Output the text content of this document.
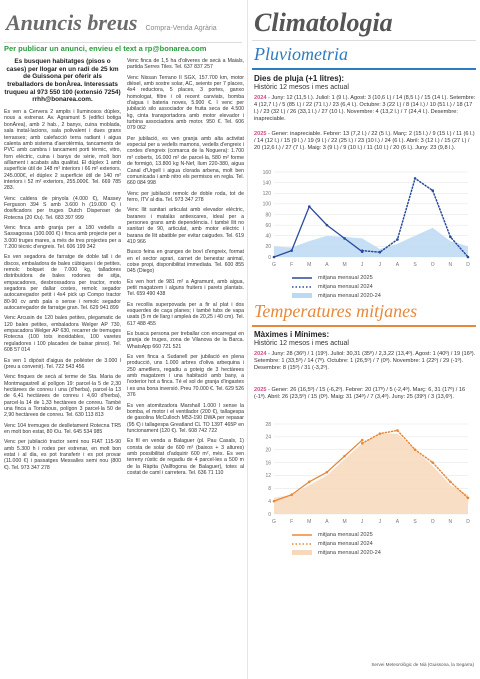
Anuncis breus Compra-Venda Agrària
Per publicar un anunci, envieu el text a rp@bonarea.com
Es busquen habitatges (pisos o cases) per llogar en un radi de 25 km de Guissona per oferir als treballadors de bonÀrea. Interessats truqueu al 973 550 100 (extensió 7254) rrhh@bonarea.com.
Es ven a Cervera 2 amplis i lluminosos dúplex, nous a estrenar. Av. Agramunt 5 (edifici botiga bonÀrea), amb 2 hab., 2 banys, cuina moblada, sala instal·lacions, sala polivalent i dues grans terrasses; amb calefacció terra radiant i aigua calenta amb sistema d'aerotèrmia, tancaments de PVC amb cambra i tancament porti tèrmic, vitro, forn elèctric, cuina i banys de sèrie, molt bon aïllament i acabats alta qualitat. El dúplex 1 amb superfície útil de 148 m² interiors i 66 m² exteriors, 245.000€, el dúplex 2 superfície útil de 140 m² interiors i 52 m² exteriors, 255.000€. Tel. 669 785 283.
Venc caldera de pinyola (4.000 €), Massey Ferguson 394 S amb 3.600 h (19.000 €) i dosificadors per truges Dutch Dispenser de Rotecna (20 €/u). Tel. 683 397 999
Venc finca amb granja per a 180 vedells a Sassagossa (100.000 €) i finca amb projecte per a 3.000 truges mares, a més de tres projectes per a 7.200 tècnic d'engreix. Tel. 606 199 342
Es ven segadora de farratge de doble tall i de discos, embaladora de bales cúbiques i de petites, remolc bolquet de 7.000 kg, talladores distribuïdora de bales rodones de sitja, empacadores, desbrossadora per tractor, moto segadora per dallar costes, remolc segador autocarregador petit i 4x4 pick up Compo tractor 80-90 cv amb pala o sense i remolc segador autocarregador de farratge gran. Tel. 629 941 899
Venc Arcusin de 120 bales petites, plegamatic de 120 bales petites, embaladora Welger AP 730, empacadora Welger AP 630, recarrer de tremuges Rotecna (100 tots inoxidables, 100 varetes reguladores i 100 placades de baixar pinso). Tel. 608 57 014
Es ven 1 dipòsit d'aigua de polièster de 3.000 l (preu a convenir). Tel. 722 543 456
Venc finques de secà al terme de Sta. Maria de Montmagastrell al polígon 19: parcel·la 5 de 2,30 hectàrees de conreu i una (d'herba), parcel·la 13 de 6,41 hectàrees de conreu i 4,60 d'herba), parcel·la 14 de 1,33 hectàrees de conreu. També una finca a Torrabous, polígon 3 parcel·la 50 de 2,90 hectàrees de conreu. Tel. 630 113 813
Venc 104 tremuges de deslletament Rotecna TR5 en molt bon estat, 80 €/u. Tel. 645 534 985
Venc per jubilació tractor semi nou FIAT 115-90 amb 5.300 h i rodes per estrenar, en molt bon estat i al dia, es pot transferir i es pot provar (11.000 €) i passatges Messalles semi nou (800 €). Tel. 973 347 278
Venc finca de 1,5 ha d'oliveres de secà a Maials, partida Serres Tiles. Tel. 637 837 257
Venc Nissan Terrano II SGX, 157.700 km, motor diésel, amb sostre solar, AC, seients per 7 places, 4x4 reductora, 5 places, 3 portes, ganxo homologat, filtre i oli recent canviats, bomba d'aigua i bateria noves, 5.900 €. I venc per jubilació silo associador de fruita seca de 4.500 kg, cinta transportadora amb motor elevador i turbina associadora amb motor. 950 €. Tel. 606 079 062
Per jubilació, es ven granja amb alta activitat especial per a vedells mamons, vedells d'engreix i cordes d'engreix (comarca de la Noguera): 1.700 m² coberts, 16.000 m² de parcel·la, 580 m² forme de formigó, 13.800 kg N-Nef, llum 220-380, aigua Canal d'Urgell i aigua clorada arbena, molt ben comunicada i amb nitro els permisos en regla. Tel. 660 084 998
Venc per jubilació remolc de doble roda, tot de ferro, ITV al dia. Tel. 973 347 278
Venc llit sanitari articulat amb elevador elèctric, baranes i matalàs antiescares, ideal per a persones grans amb dependència. I també llit no sanitari de 90, articulat, amb motor elèctric i barana de llit abatible per evitar caigudes. Tel. 619 410 966
Busco feina en granges de boví d'engreix, format en el sector agrari, carnet de benestar animal, cotxe propi, disponibilitat immediata. Tel. 600 855 045 (Diego)
Es ven hort de 981 m² a Agramunt, amb aigua, petit magatzem i alguns fruiters i parets plantats. Tel. 659 490 438
Es recollia superpovada per a fir al plat i dos esquerdes de caça planes; i també tubs de vapa usats (5 m de llarg i ampleà de 20,25 i 40 cm). Tel. 617 488 455
Es busca persona per treballar con encarregat en granja de truges, zona de Vilanova de la Barca. WhatsApp 660 721 521
Es ven finca a Sudanell per jubilació en plena producció, uns 1.000 arbres d'oliva arbequina i 250 ametllers, regadiu a goteig de 3 hectàrees amb magatzem i una habitació amb bany, a l'exterior hot a finca. Té el sol de granja d'ingastes i es una bona inversió. Preu 70.000 €. Tel. 629 526 376
Es ven atomitzadora Marshall 1.000 l sense la bomba, el motor i el ventilador (200 €), tallagespa de gasolina McCulloch M53-190 DWA per repasar (95 €) i tallagespa Greatland CL TO 139T 465P en funcionament (120 €). Tel. 608 742 722
Es fil en venda a Balaguer (pl. Pau Casals, 1) consta de solar de 600 m² (baixos + 3 altures) amb possibilitat d'adquirir 600 m², més. Es ven terreny rústic de regadiu de 4 parcel·les a 500 m de la Ràpita (Vallfogona de Balaguer), totes al costat de camí i carretera. Tel. 636 71 110
Climatologia
Pluviometria
Dies de pluja (+1 litres):
Històric 12 mesos i mes actual
2024 - Juny: 12 (11,5 l.). Juliol: 1 (9 l.). Agost: 3 (10,6 l.) / 14 (8,5 l.) / 15 (14 l.). Setembre: 4 (12,7 l.) / 5 (85 l.) / 22 (71 l.) / 23 (6,4 l.). Octubre: 3 (22 l.) / 8 (14 l.) / 10 (51 l.) / 18 (17 l.) / 23 (32 l.) / 26 (33,1 l.) / 27 (10 l.). Novembre: 4 (13,2 l.) / 7 (24,4 l.). Desembre: inapreciable.
2025 - Gener: inapreciable. Febrer: 13 (7,2 l.) / 22 (5 l.). Març: 2 (15 l.) / 9 (15 l.) / 11 (6 l.) / 14 (12 l.) / 15 (9 l.) / 19 (9 l.) / 22 (25 l.) / 23 (10 l.) / 24 (6 l.). Abril: 3 (12 l.) / 15 (27 l.) / 20 (12,6 l.) / 27 (7 l.). Maig: 3 (9 l.) / 9 (10 l.) / 11 (10 l.) / 20 (6 l.). Juny: 23 (9,8 l.).
0
20
40
60
80
100
120
140
160
G	F	M	A	M	J	J	A	S	O	N	D
mitjana mensual 2025
mitjana mensual 2024
mitjana mensual 2020-24
Temperatures mitjanes
Màximes i Mínimes:
Històric 12 mesos i mes actual
2024 - Juny: 28 (36º) / 1 (19º). Juliol: 30,31 (35º) / 2,3,22 (13,4º). Agost: 1 (40º) / 19 (16º). Setembre: 1 (33,5º) / 14 (7º). Octubre: 1 (26,5º) / 7 (0º). Novembre: 1 (22º) / 29 (-1º). Desembre: 8 (15º) / 31 (-3,2º).
2025 - Gener: 26 (16,5º) / 15 (-6,2º). Febrer: 20 (17º) / 5 (-2,4º). Març: 6, 31 (17º) / 16 (-1º). Abril: 26 (23,5º) / 15 (0º). Maig: 31 (34º) / 7 (3,4º). Juny: 25 (39º) / 3 (13,6º).
0
4
8
12
16
20
24
28
G	F	M	A	M	J	J	A	S	O	N	D
mitjana mensual 2025
mitjana mensual 2024
mitjana mensual 2020-24
Servei Meteorològic de Nià (Guissona, la Segarra)
